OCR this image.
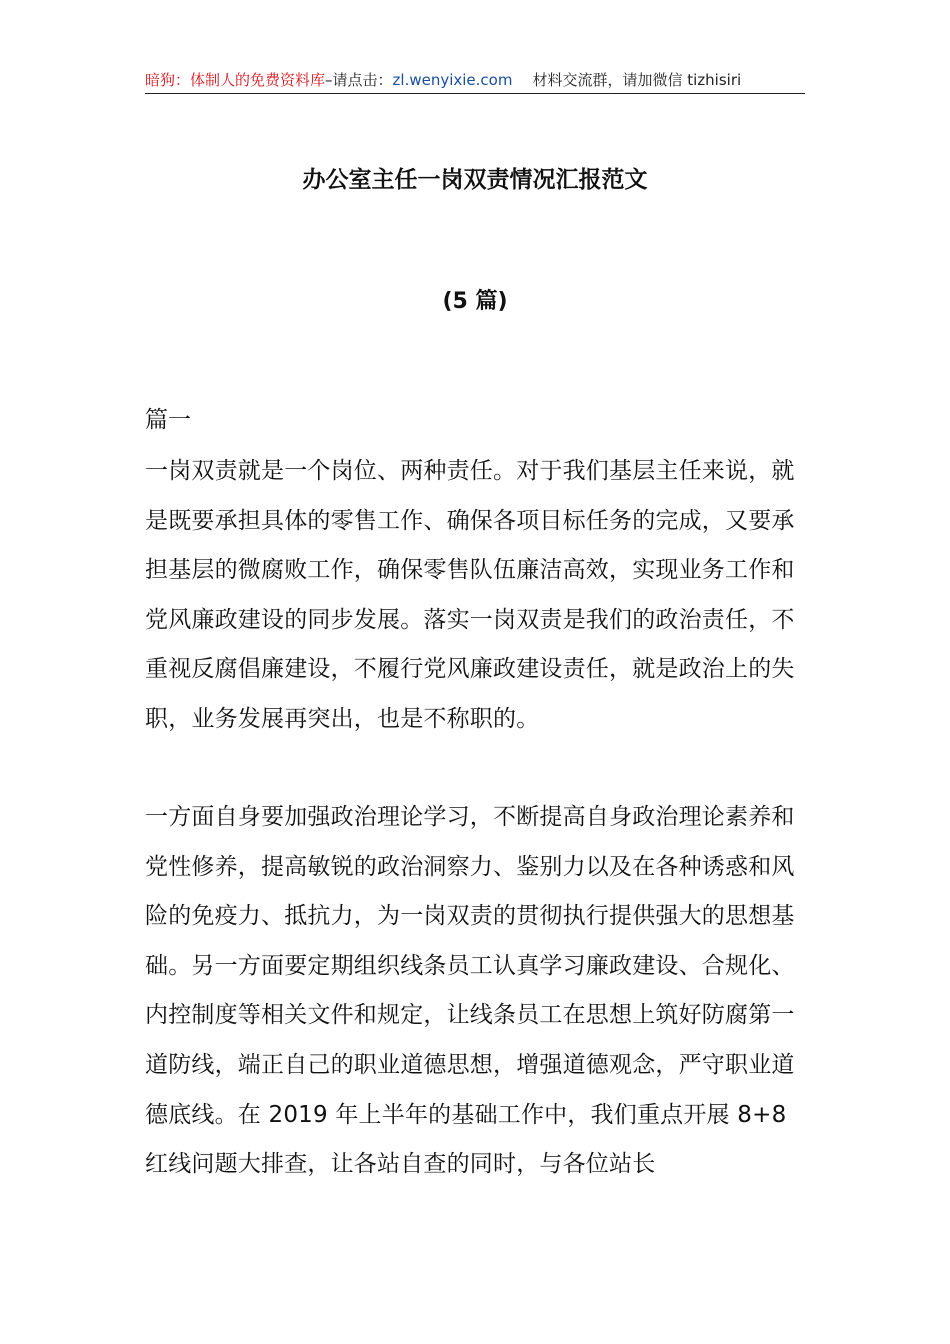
暗狗：体制人的免费资料库–请点击：zl.wenyixie.com 材料交流群，请加微信 tizhisiri
办公室主任一岗双责情况汇报范文
(5 篇)
篇一
一岗双责就是一个岗位、两种责任。对于我们基层主任来说，就是既要承担具体的零售工作、确保各项目标任务的完成，又要承担基层的微腐败工作，确保零售队伍廉洁高效，实现业务工作和党风廉政建设的同步发展。落实一岗双责是我们的政治责任，不重视反腐倡廉建设，不履行党风廉政建设责任，就是政治上的失职，业务发展再突出，也是不称职的。
一方面自身要加强政治理论学习，不断提高自身政治理论素养和党性修养，提高敏锐的政治洞察力、鉴别力以及在各种诱惑和风险的免疫力、抵抗力，为一岗双责的贯彻执行提供强大的思想基础。另一方面要定期组织线条员工认真学习廉政建设、合规化、内控制度等相关文件和规定，让线条员工在思想上筑好防腐第一道防线，端正自己的职业道德思想，增强道德观念，严守职业道德底线。在 2019 年上半年的基础工作中，我们重点开展 8+8 红线问题大排查，让各站自查的同时，与各位站长
